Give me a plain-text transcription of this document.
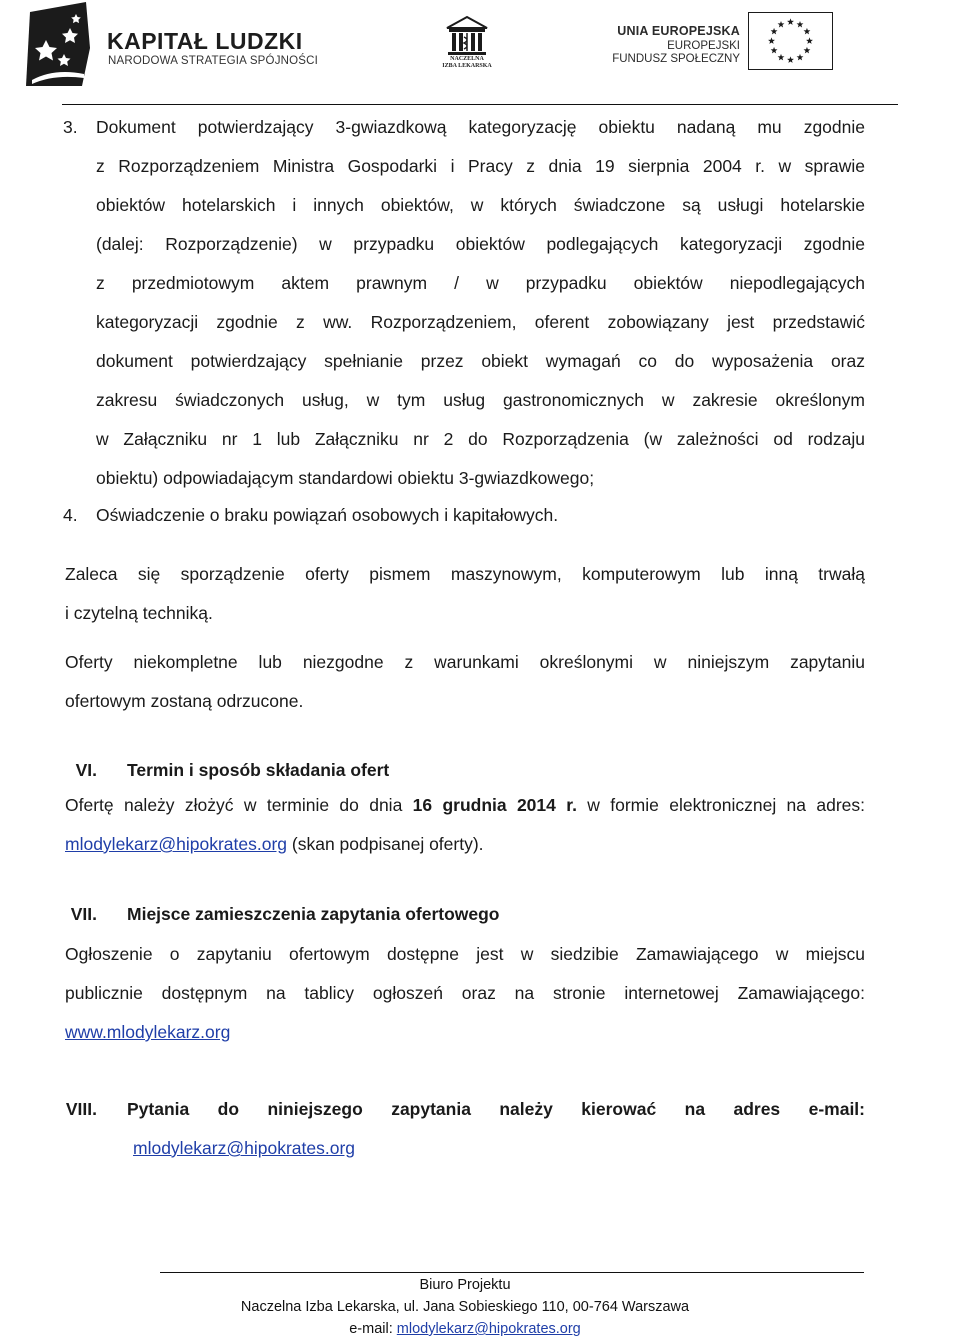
KAPITAŁ LUDZKI
NARODOWA STRATEGIA SPÓJNOŚCI	NACZELNA
IZBA LEKARSKA
UNIA EUROPEJSKA
EUROPEJSKI
FUNDUSZ SPOŁECZNY
3. Dokument potwierdzający 3-gwiazdkową kategoryzację obiektu nadaną mu zgodnie
z Rozporządzeniem Ministra Gospodarki i Pracy z dnia 19 sierpnia 2004 r. w sprawie
obiektów hotelarskich i innych obiektów, w których świadczone są usługi hotelarskie
(dalej: Rozporządzenie) w przypadku obiektów podlegających kategoryzacji zgodnie
z przedmiotowym aktem prawnym / w przypadku obiektów niepodlegających
kategoryzacji zgodnie z ww. Rozporządzeniem, oferent zobowiązany jest przedstawić
dokument potwierdzający spełnianie przez obiekt wymagań co do wyposażenia oraz
zakresu świadczonych usług, w tym usług gastronomicznych w zakresie określonym
w Załączniku nr 1 lub Załączniku nr 2 do Rozporządzenia (w zależności od rodzaju
obiektu) odpowiadającym standardowi obiektu 3-gwiazdkowego;
4. Oświadczenie o braku powiązań osobowych i kapitałowych.
Zaleca się sporządzenie oferty pismem maszynowym, komputerowym lub inną trwałą
i czytelną techniką.
Oferty niekompletne lub niezgodne z warunkami określonymi w niniejszym zapytaniu
ofertowym zostaną odrzucone.
VI. Termin i sposób składania ofert
Ofertę należy złożyć w terminie do dnia 16 grudnia 2014 r. w formie elektronicznej na adres:
mlodylekarz@hipokrates.org (skan podpisanej oferty).
VII. Miejsce zamieszczenia zapytania ofertowego
Ogłoszenie o zapytaniu ofertowym dostępne jest w siedzibie Zamawiającego w miejscu
publicznie dostępnym na tablicy ogłoszeń oraz na stronie internetowej Zamawiającego:
www.mlodylekarz.org
VIII. Pytania do niniejszego zapytania należy kierować na adres e-mail:
mlodylekarz@hipokrates.org
Biuro Projektu
Naczelna Izba Lekarska, ul. Jana Sobieskiego 110, 00-764 Warszawa
e-mail: mlodylekarz@hipokrates.org
